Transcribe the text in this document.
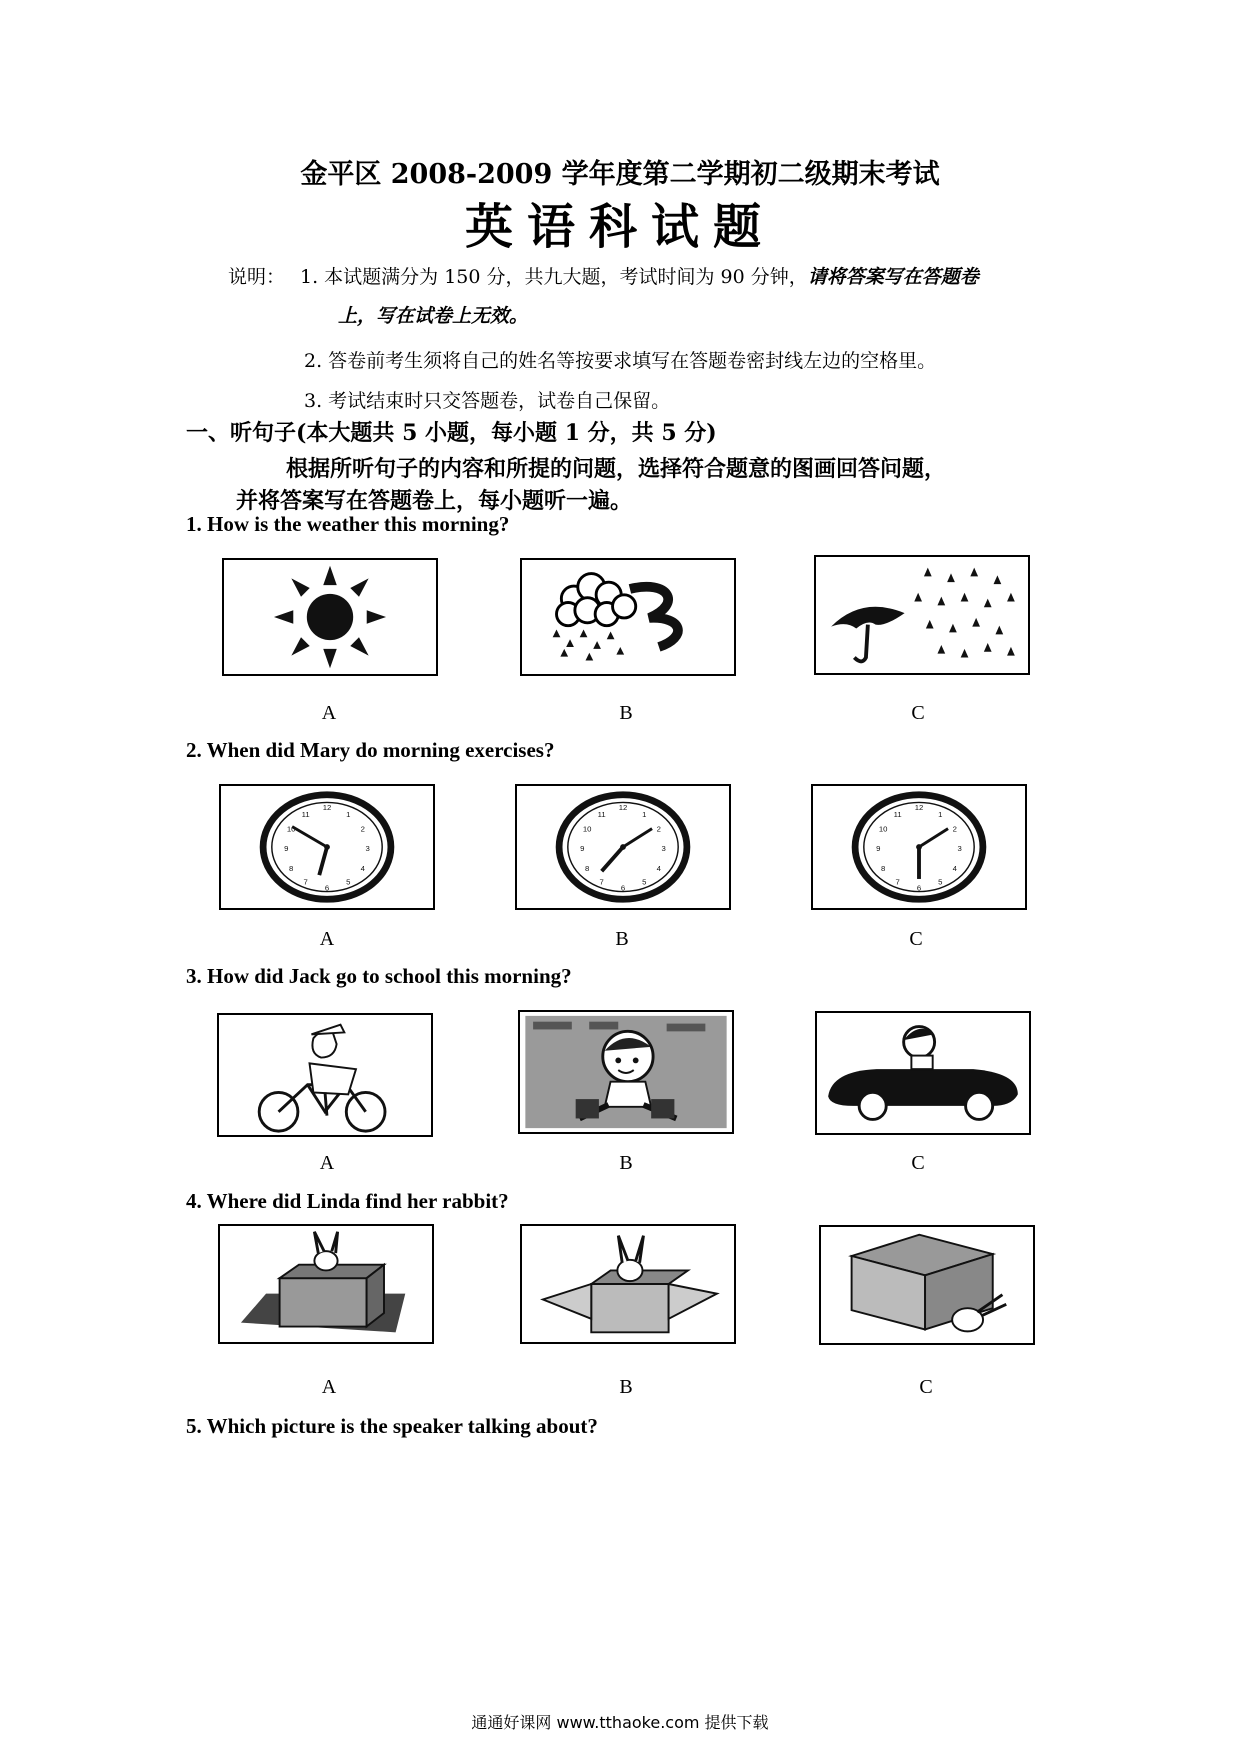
金平区 2008-2009 学年度第二学期初二级期末考试
英语科试题
说明： 1. 本试题满分为 150 分，共九大题，考试时间为 90 分钟，请将答案写在答题卷
上，写在试卷上无效。
2. 答卷前考生须将自己的姓名等按要求填写在答题卷密封线左边的空格里。
3. 考试结束时只交答题卷，试卷自己保留。
一、听句子(本大题共 5 小题，每小题 1 分，共 5 分)
根据所听句子的内容和所提的问题，选择符合题意的图画回答问题，
并将答案写在答题卷上，每小题听一遍。
1. How is the weather this morning?
A	B	C
2. When did Mary do morning exercises?
12
3
6
9
1
2
4
5
7
8
10
11
12
3
6
9
1
2
4
5
7
8
10
11
12
3
6
9
1
2
4
5
7
8
10
11
A	B	C
3. How did Jack go to school this morning?
A	B	C
4. Where did Linda find her rabbit?
A	B	C
5. Which picture is the speaker talking about?
通通好课网 www.tthaoke.com 提供下载
